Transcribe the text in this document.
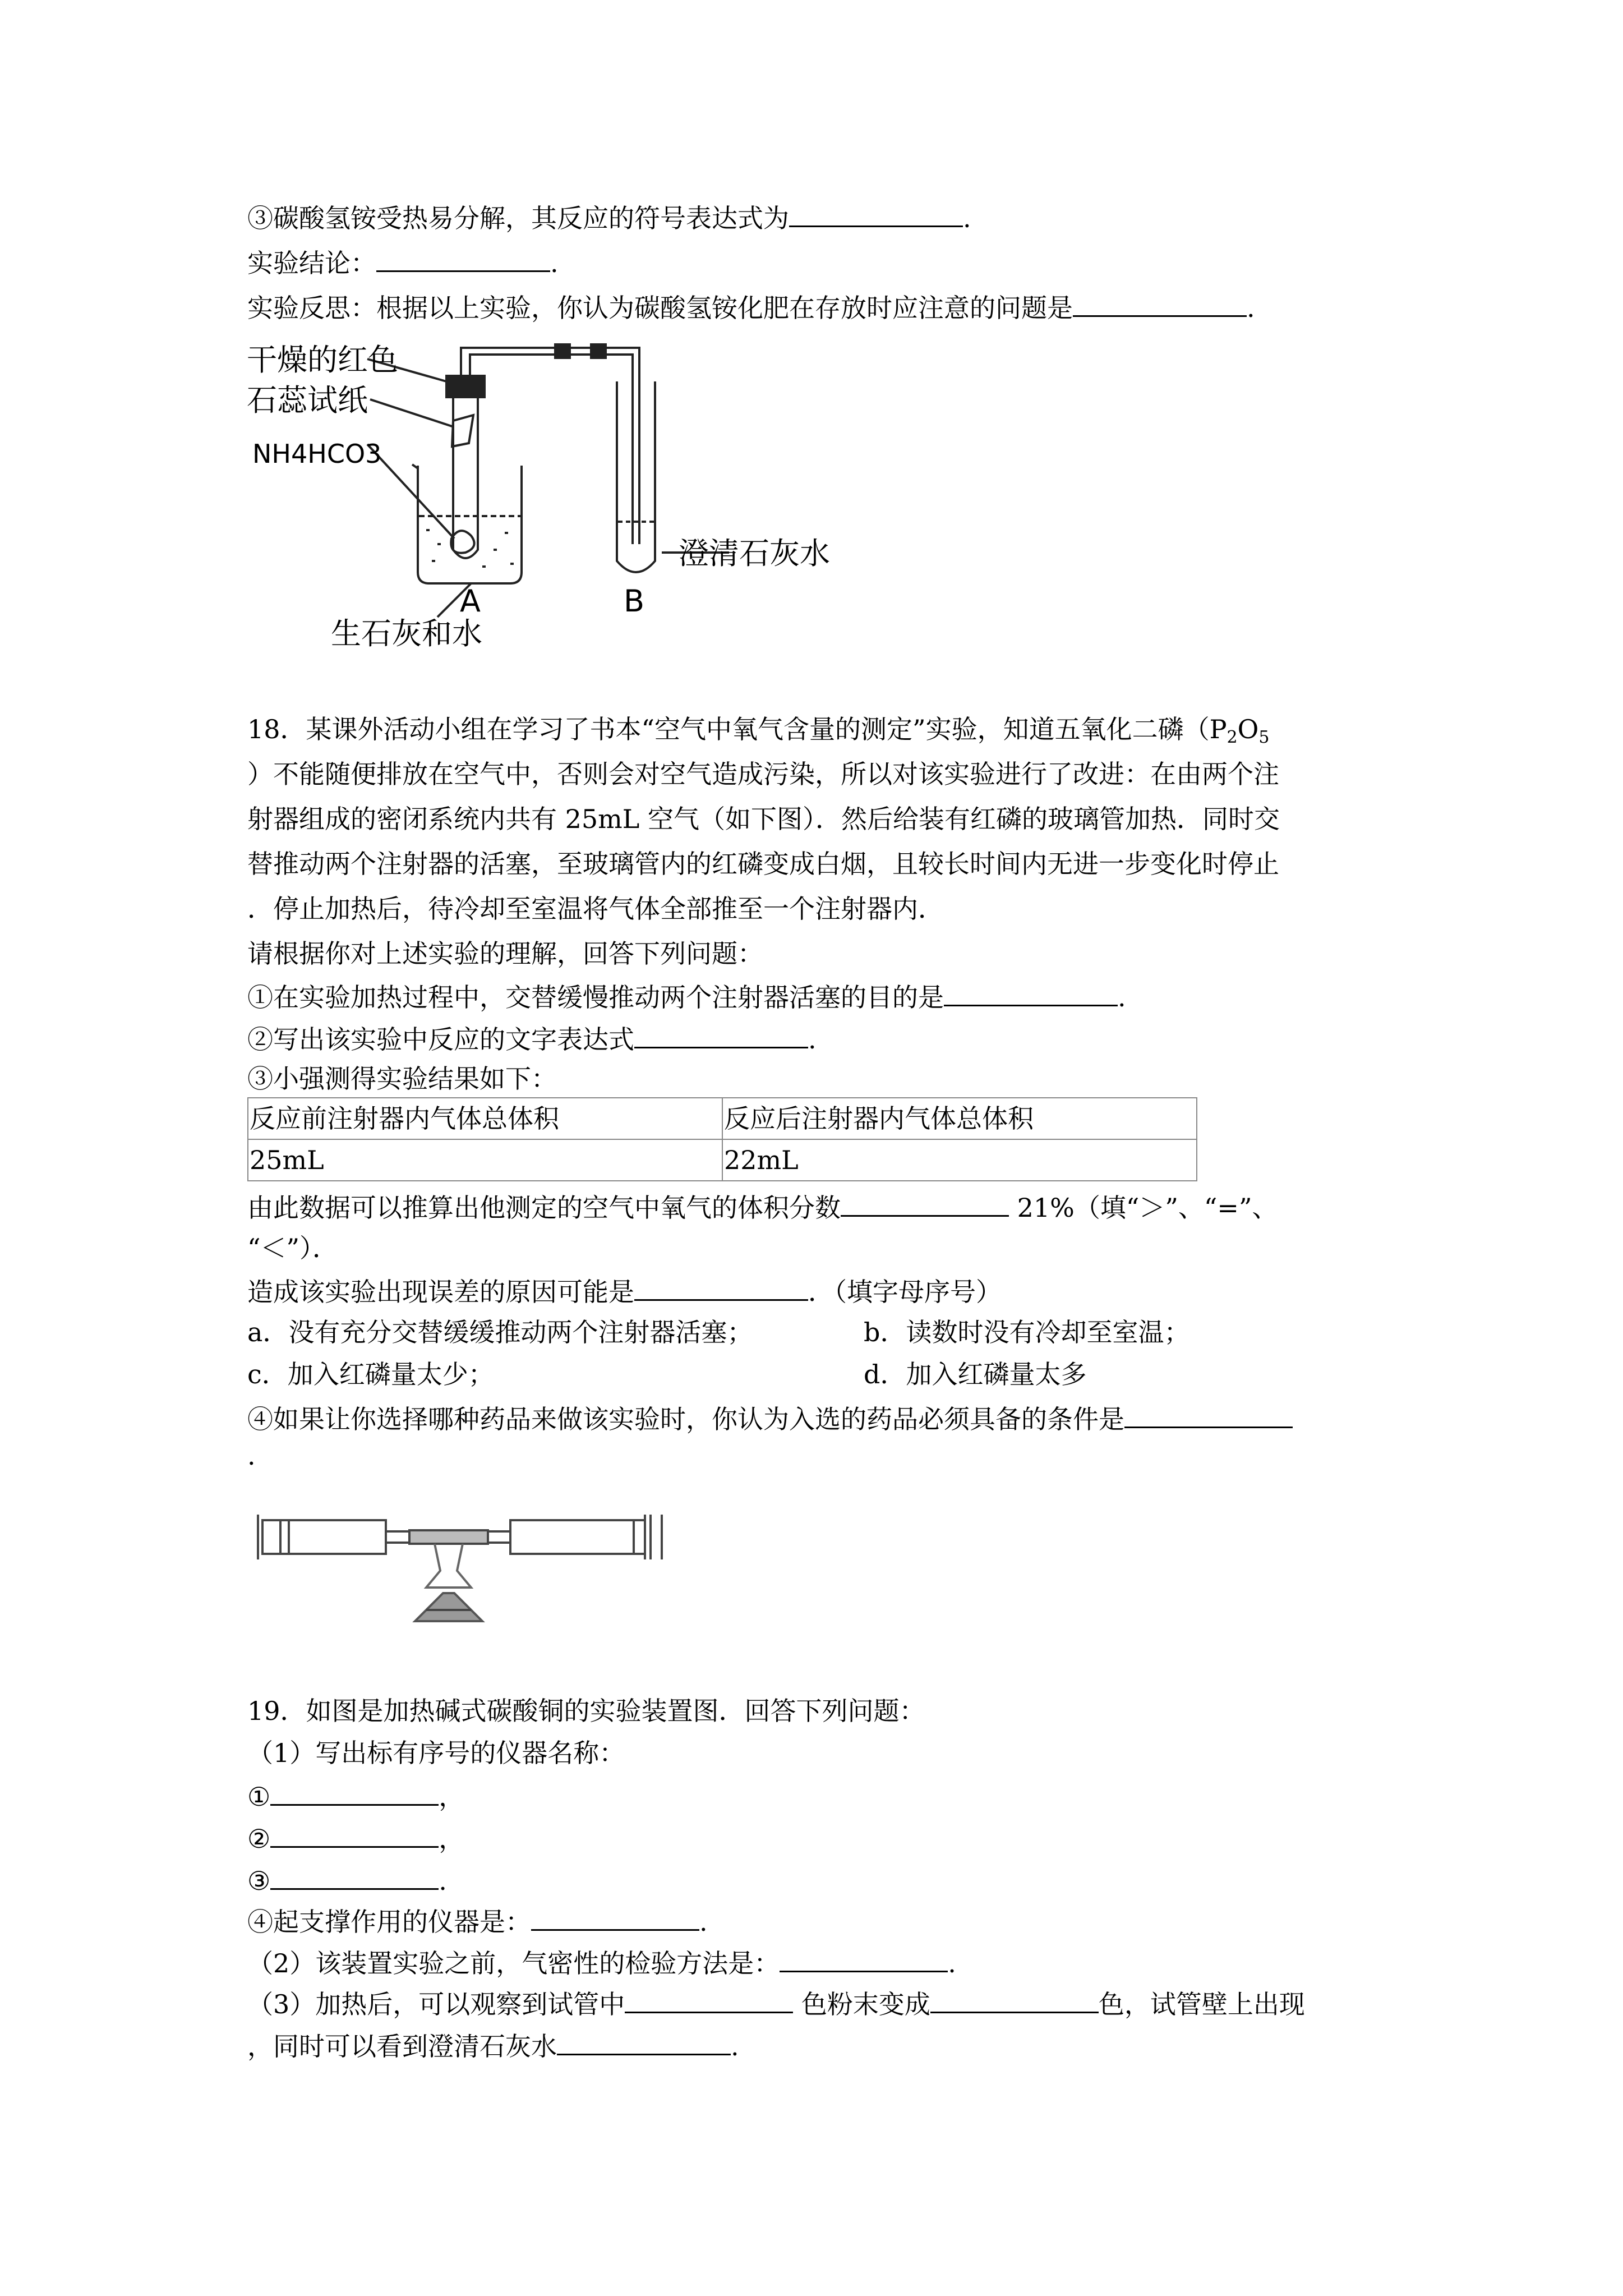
③碳酸氢铵受热易分解，其反应的符号表达式为	.
实验结论：	.
实验反思：根据以上实验，你认为碳酸氢铵化肥在存放时应注意的问题是	.
干燥的红色
石蕊试纸
NH4HCO3
A	B
澄清石灰水
生石灰和水
18．某课外活动小组在学习了书本“空气中氧气含量的测定”实验，知道五氧化二磷（$P_2O_5$
）不能随便排放在空气中，否则会对空气造成污染，所以对该实验进行了改进：在由两个注
射器组成的密闭系统内共有 25mL 空气（如下图）．然后给装有红磷的玻璃管加热．同时交
替推动两个注射器的活塞，至玻璃管内的红磷变成白烟，且较长时间内无进一步变化时停止
．停止加热后，待冷却至室温将气体全部推至一个注射器内．
请根据你对上述实验的理解，回答下列问题：
①在实验加热过程中，交替缓慢推动两个注射器活塞的目的是	.
②写出该实验中反应的文字表达式	.
③小强测得实验结果如下：
反应前注射器内气体总体积	反应后注射器内气体总体积
25mL	22mL
由此数据可以推算出他测定的空气中氧气的体积分数	21%（填“＞”、“=”、
“＜”）．
造成该实验出现误差的原因可能是	．（填字母序号）
a．没有充分交替缓缓推动两个注射器活塞；	b．读数时没有冷却至室温；
c．加入红磷量太少；	d．加入红磷量太多
④如果让你选择哪种药品来做该实验时，你认为入选的药品必须具备的条件是
.
19．如图是加热碱式碳酸铜的实验装置图．回答下列问题：
（1）写出标有序号的仪器名称：
①	，
②	，
③	.
④起支撑作用的仪器是：	.
（2）该装置实验之前，气密性的检验方法是：	.
（3）加热后，可以观察到试管中	色粉末变成	色，试管壁上出现
，同时可以看到澄清石灰水	.
